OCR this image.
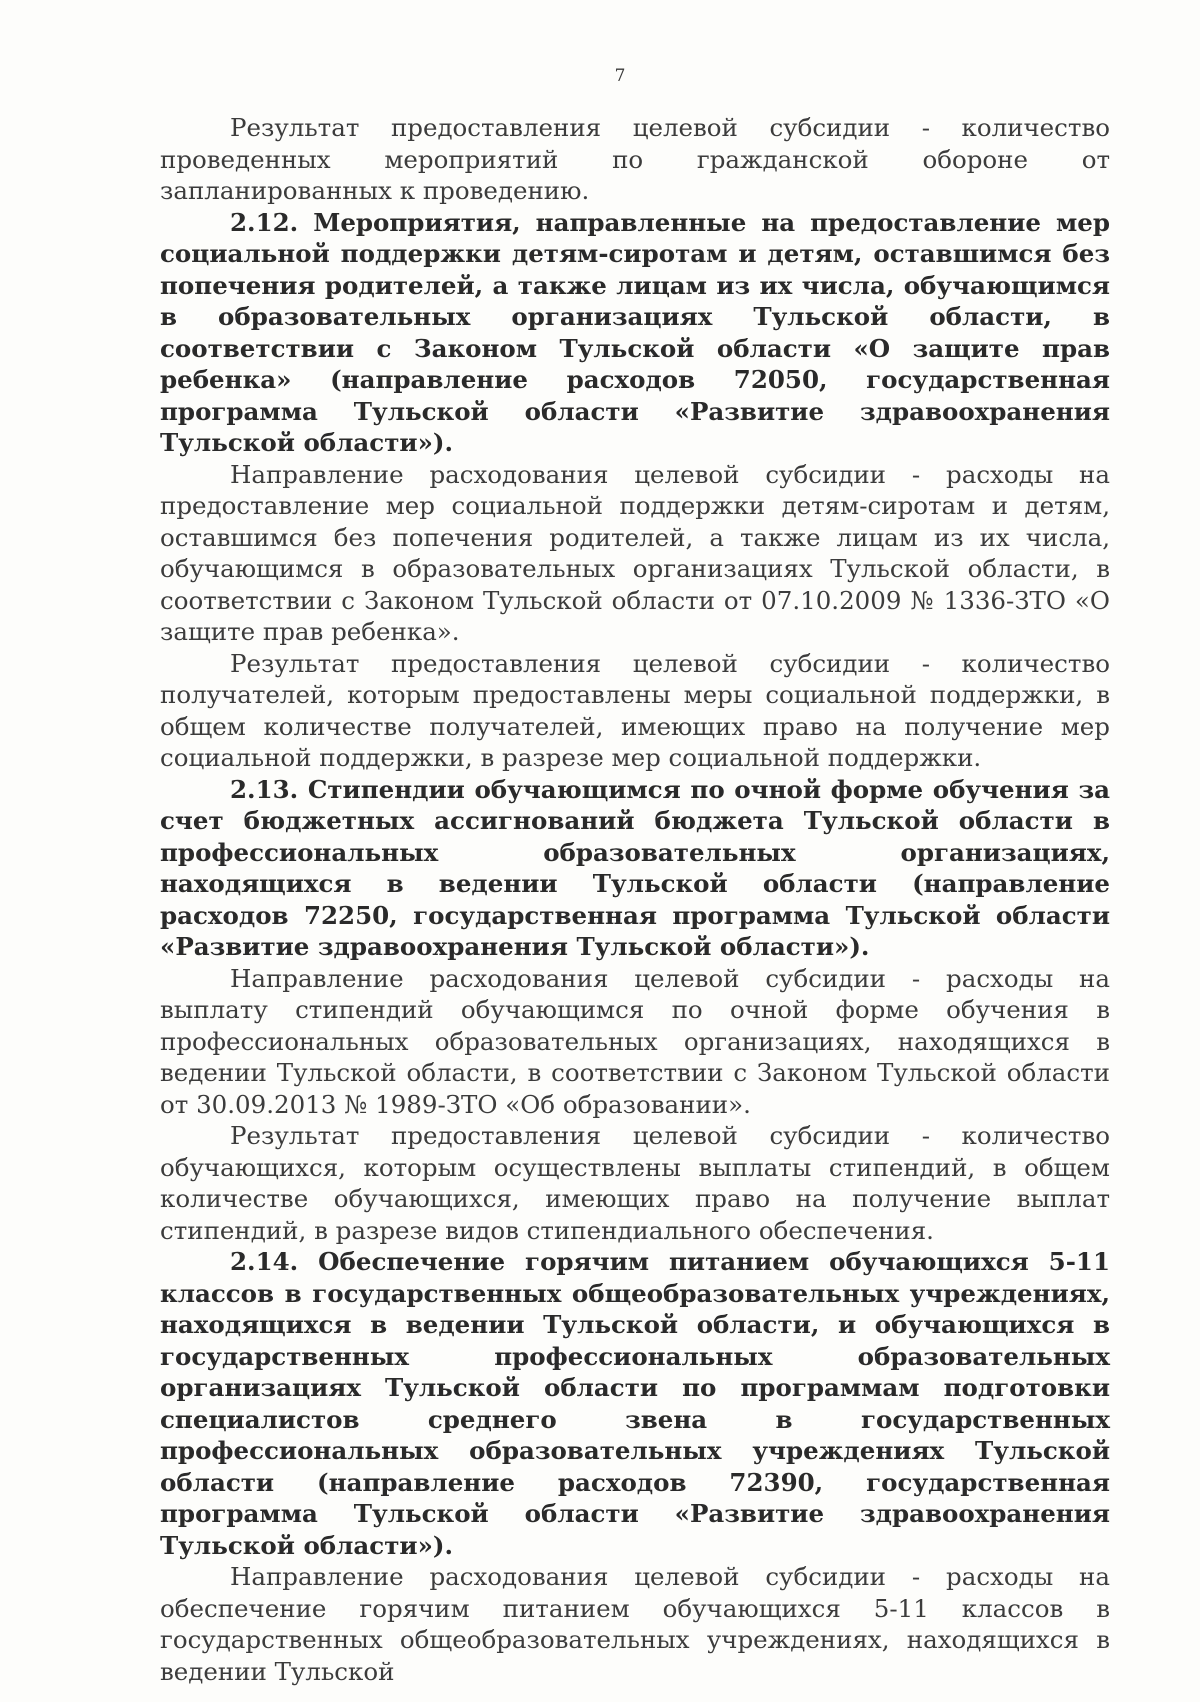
7

Результат предоставления целевой субсидии - количество проведенных мероприятий по гражданской обороне от запланированных к проведению.

2.12. Мероприятия, направленные на предоставление мер социальной поддержки детям-сиротам и детям, оставшимся без попечения родителей, а также лицам из их числа, обучающимся в образовательных организациях Тульской области, в соответствии с Законом Тульской области «О защите прав ребенка» (направление расходов 72050, государственная программа Тульской области «Развитие здравоохранения Тульской области»).

Направление расходования целевой субсидии - расходы на предоставление мер социальной поддержки детям-сиротам и детям, оставшимся без попечения родителей, а также лицам из их числа, обучающимся в образовательных организациях Тульской области, в соответствии с Законом Тульской области от 07.10.2009 № 1336-ЗТО «О защите прав ребенка».

Результат предоставления целевой субсидии - количество получателей, которым предоставлены меры социальной поддержки, в общем количестве получателей, имеющих право на получение мер социальной поддержки, в разрезе мер социальной поддержки.

2.13. Стипендии обучающимся по очной форме обучения за счет бюджетных ассигнований бюджета Тульской области в профессиональных образовательных организациях, находящихся в ведении Тульской области (направление расходов 72250, государственная программа Тульской области «Развитие здравоохранения Тульской области»).

Направление расходования целевой субсидии - расходы на выплату стипендий обучающимся по очной форме обучения в профессиональных образовательных организациях, находящихся в ведении Тульской области, в соответствии с Законом Тульской области от 30.09.2013 № 1989-ЗТО «Об образовании».

Результат предоставления целевой субсидии - количество обучающихся, которым осуществлены выплаты стипендий, в общем количестве обучающихся, имеющих право на получение выплат стипендий, в разрезе видов стипендиального обеспечения.

2.14. Обеспечение горячим питанием обучающихся 5-11 классов в государственных общеобразовательных учреждениях, находящихся в ведении Тульской области, и обучающихся в государственных профессиональных образовательных организациях Тульской области по программам подготовки специалистов среднего звена в государственных профессиональных образовательных учреждениях Тульской области (направление расходов 72390, государственная программа Тульской области «Развитие здравоохранения Тульской области»).

Направление расходования целевой субсидии - расходы на обеспечение горячим питанием обучающихся 5-11 классов в государственных общеобразовательных учреждениях, находящихся в ведении Тульской
